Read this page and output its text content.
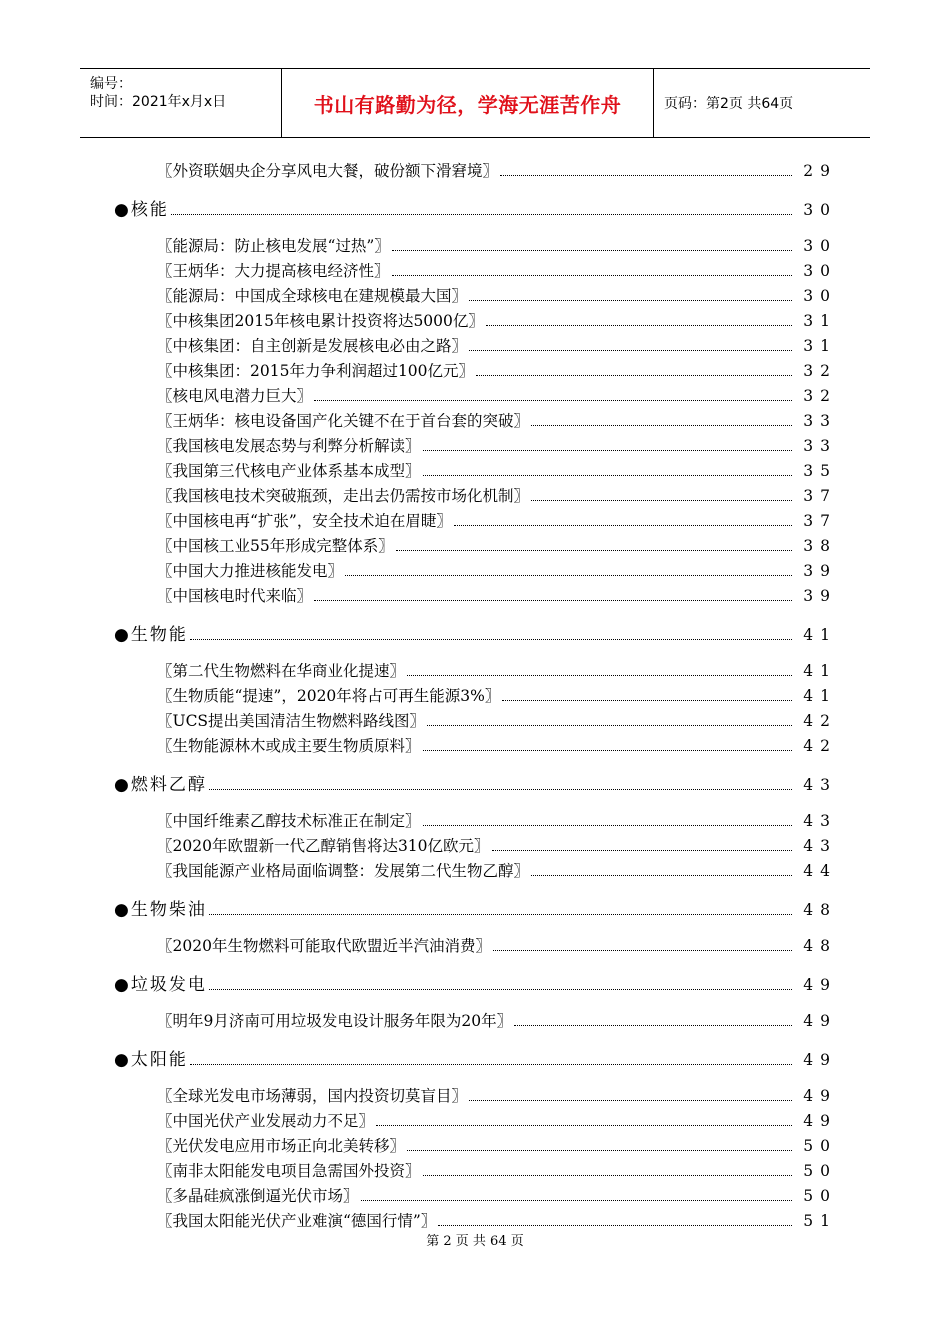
编号：
时间：2021年x月x日	书山有路勤为径，学海无涯苦作舟	页码：第2页 共64页
〖外资联姻央企分享风电大餐，破份额下滑窘境〗	29
●核能	30
〖能源局：防止核电发展“过热”〗	30
〖王炳华：大力提高核电经济性〗	30
〖能源局：中国成全球核电在建规模最大国〗	30
〖中核集团2015年核电累计投资将达5000亿〗	31
〖中核集团：自主创新是发展核电必由之路〗	31
〖中核集团：2015年力争利润超过100亿元〗	32
〖核电风电潜力巨大〗	32
〖王炳华：核电设备国产化关键不在于首台套的突破〗	33
〖我国核电发展态势与利弊分析解读〗	33
〖我国第三代核电产业体系基本成型〗	35
〖我国核电技术突破瓶颈，走出去仍需按市场化机制〗	37
〖中国核电再“扩张”，安全技术迫在眉睫〗	37
〖中国核工业55年形成完整体系〗	38
〖中国大力推进核能发电〗	39
〖中国核电时代来临〗	39
●生物能	41
〖第二代生物燃料在华商业化提速〗	41
〖生物质能“提速”，2020年将占可再生能源3%〗	41
〖UCS提出美国清洁生物燃料路线图〗	42
〖生物能源林木或成主要生物质原料〗	42
●燃料乙醇	43
〖中国纤维素乙醇技术标准正在制定〗	43
〖2020年欧盟新一代乙醇销售将达310亿欧元〗	43
〖我国能源产业格局面临调整：发展第二代生物乙醇〗	44
●生物柴油	48
〖2020年生物燃料可能取代欧盟近半汽油消费〗	48
●垃圾发电	49
〖明年9月济南可用垃圾发电设计服务年限为20年〗	49
●太阳能	49
〖全球光发电市场薄弱，国内投资切莫盲目〗	49
〖中国光伏产业发展动力不足〗	49
〖光伏发电应用市场正向北美转移〗	50
〖南非太阳能发电项目急需国外投资〗	50
〖多晶硅疯涨倒逼光伏市场〗	50
〖我国太阳能光伏产业难演“德国行情”〗	51
第 2 页 共 64 页
